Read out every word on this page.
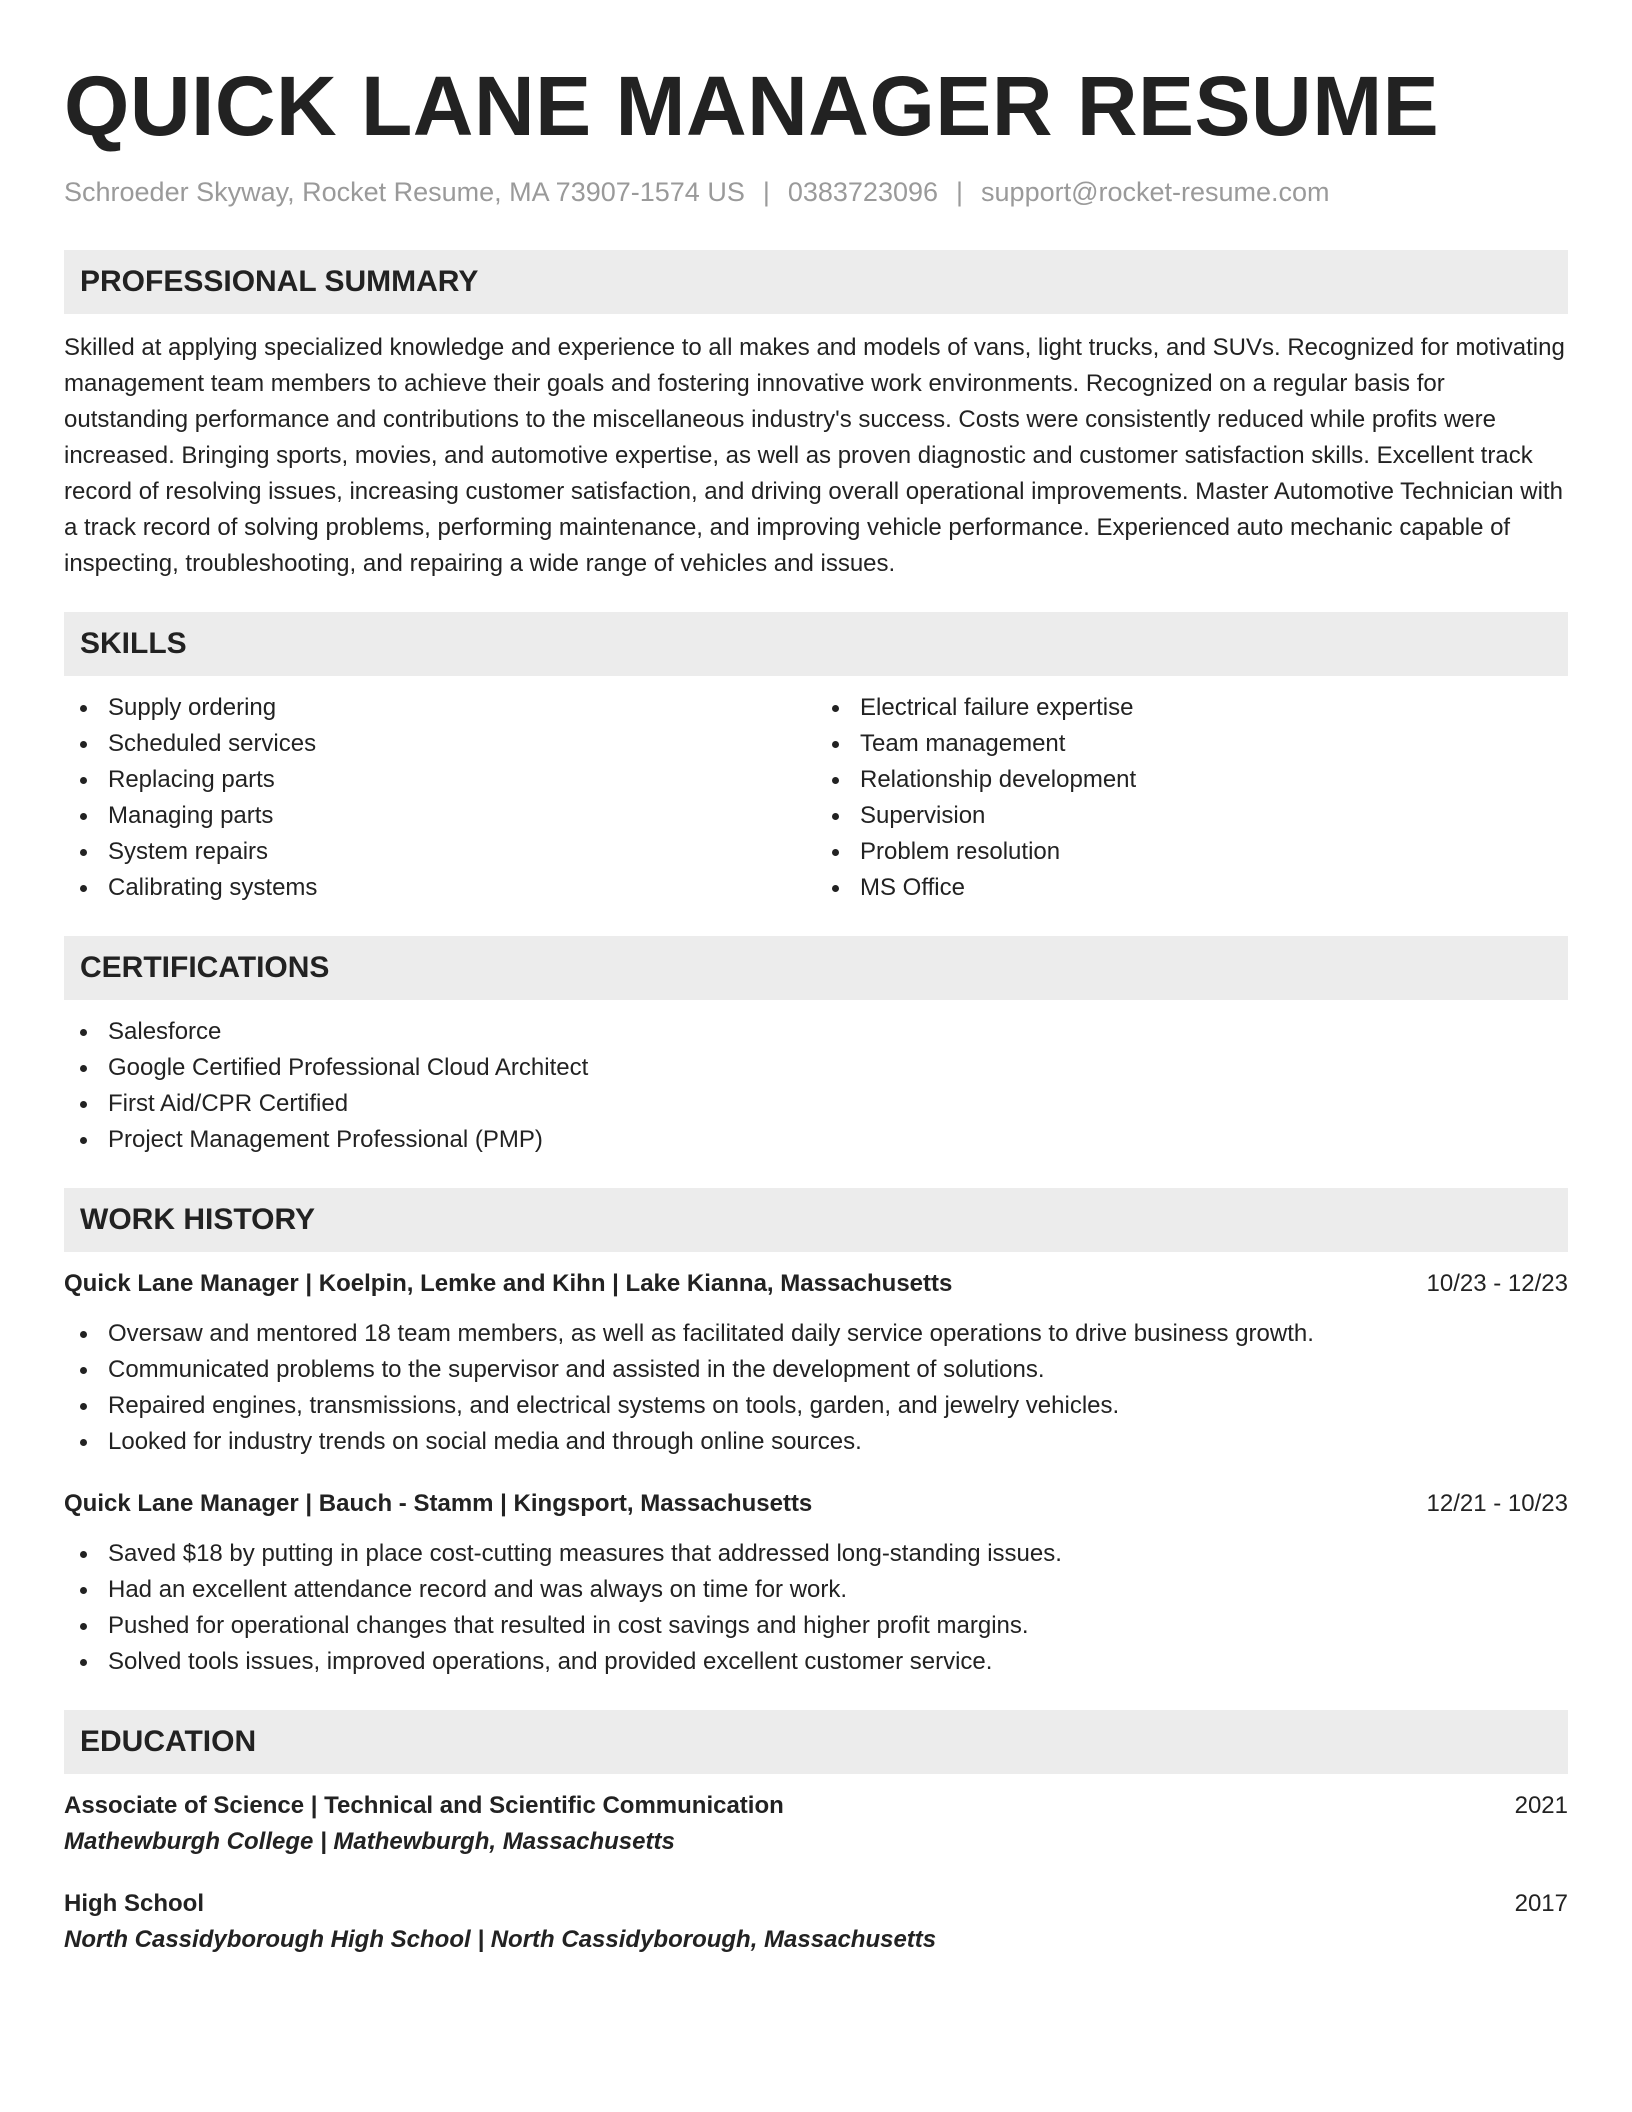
QUICK LANE MANAGER RESUME
Schroeder Skyway, Rocket Resume, MA 73907-1574 US | 0383723096 | support@rocket-resume.com
PROFESSIONAL SUMMARY

Skilled at applying specialized knowledge and experience to all makes and models of vans, light trucks, and SUVs. Recognized for motivating management team members to achieve their goals and fostering innovative work environments. Recognized on a regular basis for outstanding performance and contributions to the miscellaneous industry's success. Costs were consistently reduced while profits were increased. Bringing sports, movies, and automotive expertise, as well as proven diagnostic and customer satisfaction skills. Excellent track record of resolving issues, increasing customer satisfaction, and driving overall operational improvements. Master Automotive Technician with a track record of solving problems, performing maintenance, and improving vehicle performance. Experienced auto mechanic capable of inspecting, troubleshooting, and repairing a wide range of vehicles and issues.

SKILLS
Supply ordering
Scheduled services
Replacing parts
Managing parts
System repairs
Calibrating systems
Electrical failure expertise
Team management
Relationship development
Supervision
Problem resolution
MS Office
CERTIFICATIONS
Salesforce
Google Certified Professional Cloud Architect
First Aid/CPR Certified
Project Management Professional (PMP)
WORK HISTORY
Quick Lane Manager | Koelpin, Lemke and Kihn | Lake Kianna, Massachusetts	10/23 - 12/23
Oversaw and mentored 18 team members, as well as facilitated daily service operations to drive business growth.
Communicated problems to the supervisor and assisted in the development of solutions.
Repaired engines, transmissions, and electrical systems on tools, garden, and jewelry vehicles.
Looked for industry trends on social media and through online sources.
Quick Lane Manager | Bauch - Stamm | Kingsport, Massachusetts	12/21 - 10/23
Saved $18 by putting in place cost-cutting measures that addressed long-standing issues.
Had an excellent attendance record and was always on time for work.
Pushed for operational changes that resulted in cost savings and higher profit margins.
Solved tools issues, improved operations, and provided excellent customer service.
EDUCATION
Associate of Science | Technical and Scientific Communication	2021
Mathewburgh College | Mathewburgh, Massachusetts
High School	2017
North Cassidyborough High School | North Cassidyborough, Massachusetts
